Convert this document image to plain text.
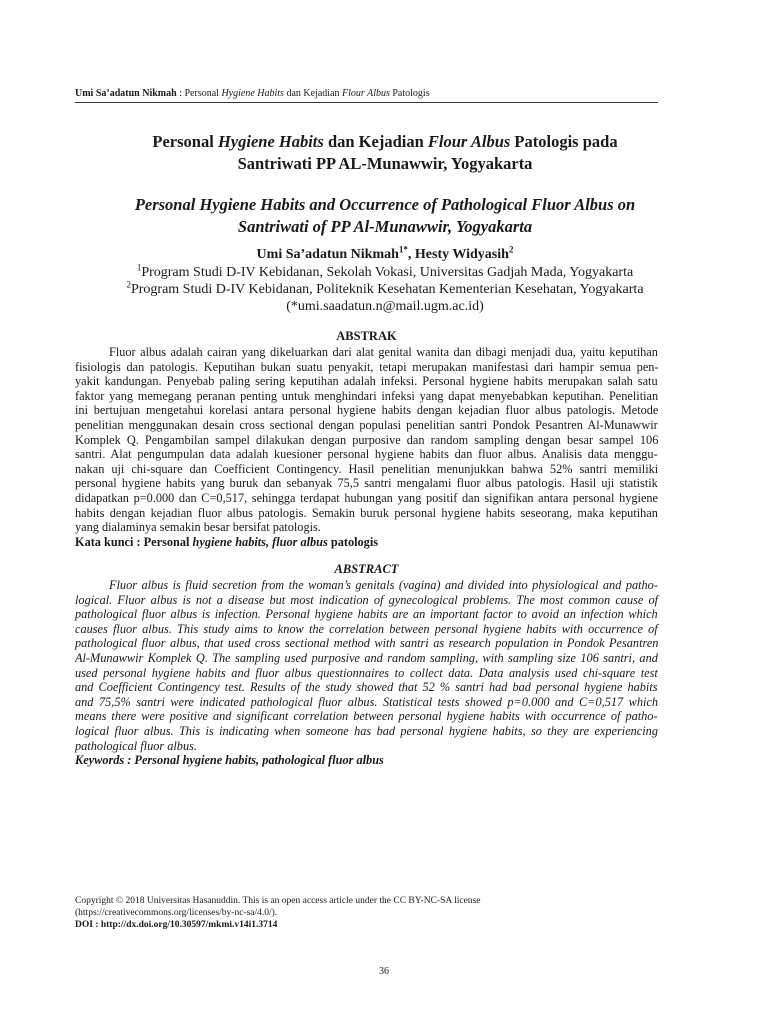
Umi Sa’adatun Nikmah : Personal Hygiene Habits dan Kejadian Flour Albus Patologis
Personal Hygiene Habits dan Kejadian Flour Albus Patologis pada
Santriwati PP AL-Munawwir, Yogyakarta
Personal Hygiene Habits and Occurrence of Pathological Fluor Albus on
Santriwati of PP Al-Munawwir, Yogyakarta
Umi Sa’adatun Nikmah$^{1*}$, Hesty Widyasih$^2$
$^1$Program Studi D-IV Kebidanan, Sekolah Vokasi, Universitas Gadjah Mada, Yogyakarta
$^2$Program Studi D-IV Kebidanan, Politeknik Kesehatan Kementerian Kesehatan, Yogyakarta
(*umi.saadatun.n@mail.ugm.ac.id)
ABSTRAK
Fluor albus adalah cairan yang dikeluarkan dari alat genital wanita dan dibagi menjadi dua, yaitu keputihan
fisiologis dan patologis. Keputihan bukan suatu penyakit, tetapi merupakan manifestasi dari hampir semua pen-
yakit kandungan. Penyebab paling sering keputihan adalah infeksi. Personal hygiene habits merupakan salah satu
faktor yang memegang peranan penting untuk menghindari infeksi yang dapat menyebabkan keputihan. Penelitian
ini bertujuan mengetahui korelasi antara personal hygiene habits dengan kejadian fluor albus patologis. Metode
penelitian menggunakan desain cross sectional dengan populasi penelitian santri Pondok Pesantren Al-Munawwir
Komplek Q. Pengambilan sampel dilakukan dengan purposive dan random sampling dengan besar sampel 106
santri. Alat pengumpulan data adalah kuesioner personal hygiene habits dan fluor albus. Analisis data menggu-
nakan uji chi-square dan Coefficient Contingency. Hasil penelitian menunjukkan bahwa 52% santri memiliki
personal hygiene habits yang buruk dan sebanyak 75,5 santri mengalami fluor albus patologis. Hasil uji statistik
didapatkan p=0.000 dan C=0,517, sehingga terdapat hubungan yang positif dan signifikan antara personal hygiene
habits dengan kejadian fluor albus patologis. Semakin buruk personal hygiene habits seseorang, maka keputihan
yang dialaminya semakin besar bersifat patologis.
Kata kunci : Personal hygiene habits, fluor albus patologis
ABSTRACT
Fluor albus is fluid secretion from the woman’s genitals (vagina) and divided into physiological and patho-
logical. Fluor albus is not a disease but most indication of gynecological problems. The most common cause of
pathological fluor albus is infection. Personal hygiene habits are an important factor to avoid an infection which
causes fluor albus. This study aims to know the correlation between personal hygiene habits with occurrence of
pathological fluor albus, that used cross sectional method with santri as research population in Pondok Pesantren
Al-Munawwir Komplek Q. The sampling used purposive and random sampling, with sampling size 106 santri, and
used personal hygiene habits and fluor albus questionnaires to collect data. Data analysis used chi-square test
and Coefficient Contingency test. Results of the study showed that 52 % santri had bad personal hygiene habits
and 75,5% santri were indicated pathological fluor albus. Statistical tests showed p=0.000 and C=0,517 which
means there were positive and significant correlation between personal hygiene habits with occurrence of patho-
logical fluor albus. This is indicating when someone has bad personal hygiene habits, so they are experiencing
pathological fluor albus.
Keywords : Personal hygiene habits, pathological fluor albus
Copyright © 2018 Universitas Hasanuddin. This is an open access article under the CC BY-NC-SA license
(https://creativecommons.org/licenses/by-nc-sa/4.0/).
DOI : http://dx.doi.org/10.30597/mkmi.v14i1.3714
36
